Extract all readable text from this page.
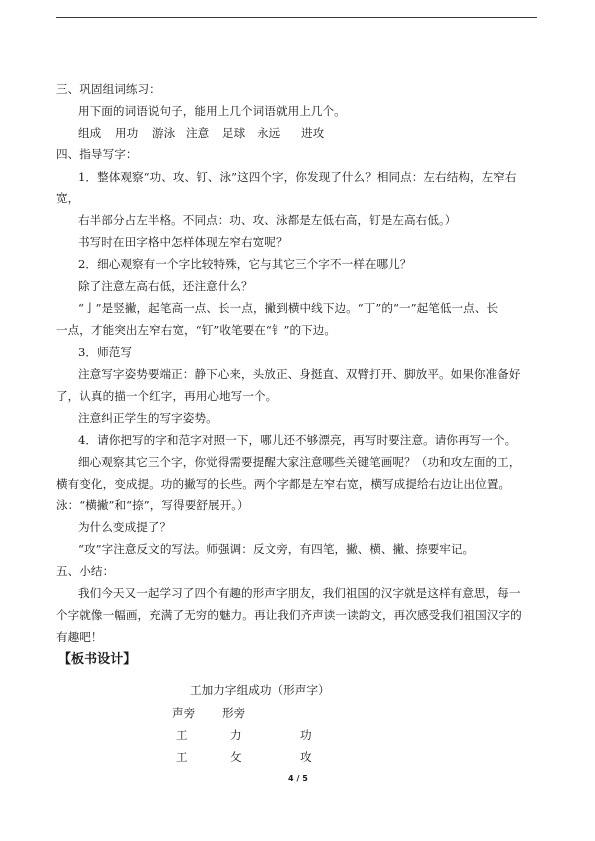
三、巩固组词练习：
用下面的词语说句子，能用上几个词语就用上几个。
组成 用功 游泳 注意 足球 永远 进攻
四、指导写字：
1．整体观察“功、攻、钉、泳”这四个字，你发现了什么？相同点：左右结构，左窄右
宽，
右半部分占左半格。不同点：功、攻、泳都是左低右高，钉是左高右低。）
书写时在田字格中怎样体现左窄右宽呢？
2．细心观察有一个字比较特殊，它与其它三个字不一样在哪儿？
除了注意左高右低，还注意什么？
“亅”是竖撇，起笔高一点、长一点，撇到横中线下边。“丁”的“一”起笔低一点、长
一点，才能突出左窄右宽，“钉”收笔要在“钅”的下边。
3．师范写
注意写字姿势要端正：静下心来，头放正、身挺直、双臂打开、脚放平。如果你准备好
了，认真的描一个红字，再用心地写一个。
注意纠正学生的写字姿势。
4．请你把写的字和范字对照一下，哪儿还不够漂亮，再写时要注意。请你再写一个。
细心观察其它三个字，你觉得需要提醒大家注意哪些关键笔画呢？（功和攻左面的工，
横有变化，变成提。功的撇写的长些。两个字都是左窄右宽，横写成提给右边让出位置。
泳：“横撇”和“捺”，写得要舒展开。）
为什么变成提了？
“攻”字注意反文的写法。师强调：反文旁，有四笔，撇、横、撇、捺要牢记。
五、小结：
我们今天又一起学习了四个有趣的形声字朋友，我们祖国的汉字就是这样有意思，每一
个字就像一幅画，充满了无穷的魅力。再让我们齐声读一读韵文，再次感受我们祖国汉字的
有趣吧！
【板书设计】
工加力字组成功（形声字）
声旁 形旁
工	力	功
工	攵	攻
4 / 5
